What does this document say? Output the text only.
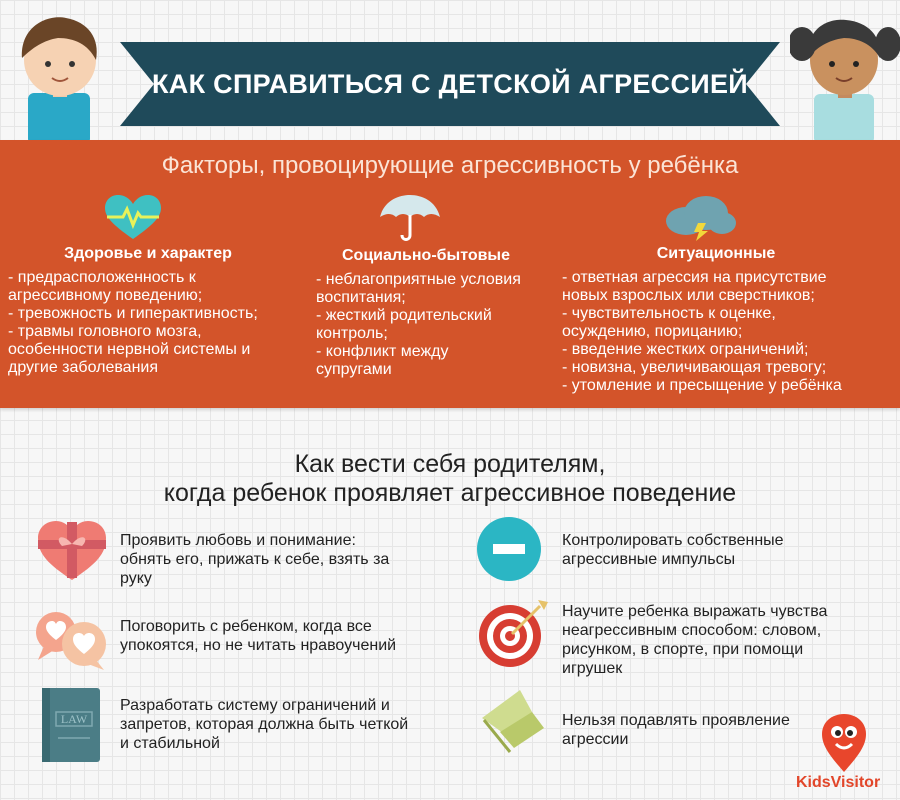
КАК СПРАВИТЬСЯ С ДЕТСКОЙ АГРЕССИЕЙ
Факторы, провоцирующие агрессивность у ребёнка
Здоровье и характер
- предрасположенность к
агрессивному поведению;
- тревожность и гиперактивность;
- травмы головного мозга,
особенности нервной системы и
другие заболевания
Социально-бытовые
- неблагоприятные условия
воспитания;
- жесткий родительский
контроль;
- конфликт между
супругами
Ситуационные
- ответная агрессия на присутствие
новых взрослых или сверстников;
- чувствительность к оценке,
осуждению, порицанию;
- введение жестких ограничений;
- новизна, увеличивающая тревогу;
- утомление и пресыщение у ребёнка
Как вести себя родителям,
когда ребенок проявляет агрессивное поведение
Проявить любовь и понимание:
обнять его, прижать к себе, взять за
руку
Поговорить с ребенком, когда все
упокоятся, но не читать нравоучений
LAW
Разработать систему ограничений и
запретов, которая должна быть четкой
и стабильной
Контролировать собственные
агрессивные импульсы
Научите ребенка выражать чувства
неагрессивным способом: словом,
рисунком, в спорте, при помощи
игрушек
Нельзя подавлять проявление
агрессии
KidsVisitor
